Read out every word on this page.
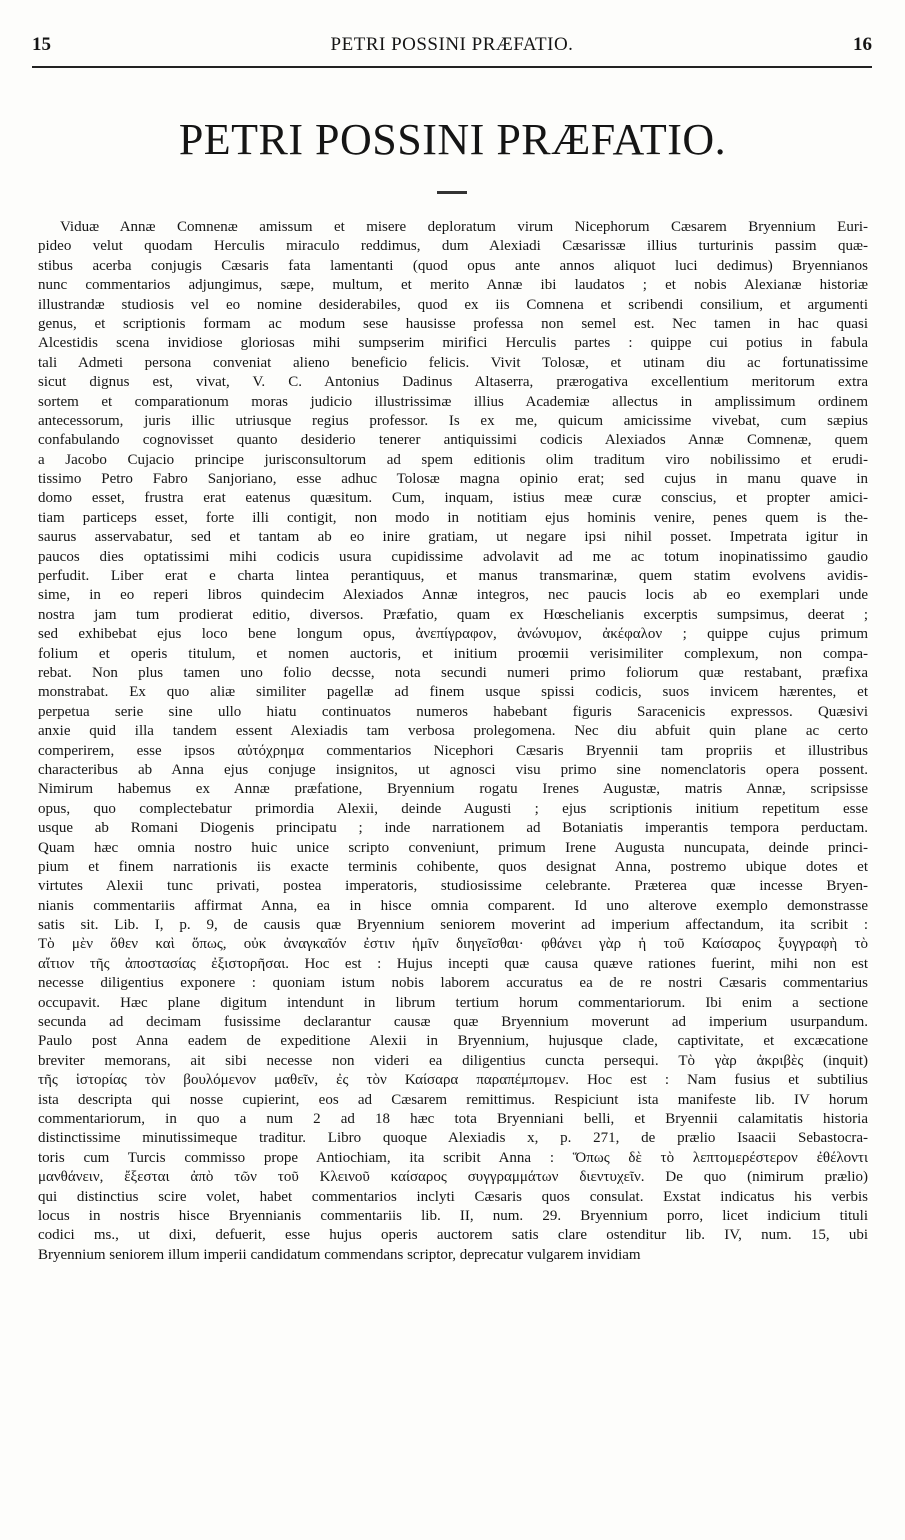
15	PETRI POSSINI PRÆFATIO.	16
PETRI POSSINI PRÆFATIO.
Viduæ Annæ Comnenæ amissum et misere deploratum virum Nicephorum Cæsarem Bryennium Euri-
pideo velut quodam Herculis miraculo reddimus, dum Alexiadi Cæsarissæ illius turturinis passim quæ-
stibus acerba conjugis Cæsaris fata lamentanti (quod opus ante annos aliquot luci dedimus) Bryennianos
nunc commentarios adjungimus, sæpe, multum, et merito Annæ ibi laudatos ; et nobis Alexianæ historiæ
illustrandæ studiosis vel eo nomine desiderabiles, quod ex iis Comnena et scribendi consilium, et argumenti
genus, et scriptionis formam ac modum sese hausisse professa non semel est. Nec tamen in hac quasi
Alcestidis scena invidiose gloriosas mihi sumpserim mirifici Herculis partes : quippe cui potius in fabula
tali Admeti persona conveniat alieno beneficio felicis. Vivit Tolosæ, et utinam diu ac fortunatissime
sicut dignus est, vivat, V. C. Antonius Dadinus Altaserra, prærogativa excellentium meritorum extra
sortem et comparationum moras judicio illustrissimæ illius Academiæ allectus in amplissimum ordinem
antecessorum, juris illic utriusque regius professor. Is ex me, quicum amicissime vivebat, cum sæpius
confabulando cognovisset quanto desiderio tenerer antiquissimi codicis Alexiados Annæ Comnenæ, quem
a Jacobo Cujacio principe jurisconsultorum ad spem editionis olim traditum viro nobilissimo et erudi-
tissimo Petro Fabro Sanjoriano, esse adhuc Tolosæ magna opinio erat; sed cujus in manu quave in
domo esset, frustra erat eatenus quæsitum. Cum, inquam, istius meæ curæ conscius, et propter amici-
tiam particeps esset, forte illi contigit, non modo in notitiam ejus hominis venire, penes quem is the-
saurus asservabatur, sed et tantam ab eo inire gratiam, ut negare ipsi nihil posset. Impetrata igitur in
paucos dies optatissimi mihi codicis usura cupidissime advolavit ad me ac totum inopinatissimo gaudio
perfudit. Liber erat e charta lintea perantiquus, et manus transmarinæ, quem statim evolvens avidis-
sime, in eo reperi libros quindecim Alexiados Annæ integros, nec paucis locis ab eo exemplari unde
nostra jam tum prodierat editio, diversos. Præfatio, quam ex Hœschelianis excerptis sumpsimus, deerat ;
sed exhibebat ejus loco bene longum opus, ἀνεπίγραφον, ἀνώνυμον, ἀκέφαλον ; quippe cujus primum
folium et operis titulum, et nomen auctoris, et initium proœmii verisimiliter complexum, non compa-
rebat. Non plus tamen uno folio decsse, nota secundi numeri primo foliorum quæ restabant, præfixa
monstrabat. Ex quo aliæ similiter pagellæ ad finem usque spissi codicis, suos invicem hærentes, et
perpetua serie sine ullo hiatu continuatos numeros habebant figuris Saracenicis expressos. Quæsivi
anxie quid illa tandem essent Alexiadis tam verbosa prolegomena. Nec diu abfuit quin plane ac certo
comperirem, esse ipsos αὐτόχρημα commentarios Nicephori Cæsaris Bryennii tam propriis et illustribus
characteribus ab Anna ejus conjuge insignitos, ut agnosci visu primo sine nomenclatoris opera possent.
Nimirum habemus ex Annæ præfatione, Bryennium rogatu Irenes Augustæ, matris Annæ, scripsisse
opus, quo complectebatur primordia Alexii, deinde Augusti ; ejus scriptionis initium repetitum esse
usque ab Romani Diogenis principatu ; inde narrationem ad Botaniatis imperantis tempora perductam.
Quam hæc omnia nostro huic unice scripto conveniunt, primum Irene Augusta nuncupata, deinde princi-
pium et finem narrationis iis exacte terminis cohibente, quos designat Anna, postremo ubique dotes et
virtutes Alexii tunc privati, postea imperatoris, studiosissime celebrante. Præterea quæ incesse Bryen-
nianis commentariis affirmat Anna, ea in hisce omnia comparent. Id uno alterove exemplo demonstrasse
satis sit. Lib. I, p. 9, de causis quæ Bryennium seniorem moverint ad imperium affectandum, ita scribit :
Τὸ μὲν ὅθεν καὶ ὅπως, οὐκ ἀναγκαῖόν ἐστιν ἡμῖν διηγεῖσθαι· φθάνει γὰρ ἡ τοῦ Καίσαρος ξυγγραφὴ τὸ
αἴτιον τῆς ἀποστασίας ἐξιστορῆσαι. Hoc est : Hujus incepti quæ causa quæve rationes fuerint, mihi non est
necesse diligentius exponere : quoniam istum nobis laborem accuratus ea de re nostri Cæsaris commentarius
occupavit. Hæc plane digitum intendunt in librum tertium horum commentariorum. Ibi enim a sectione
secunda ad decimam fusissime declarantur causæ quæ Bryennium moverunt ad imperium usurpandum.
Paulo post Anna eadem de expeditione Alexii in Bryennium, hujusque clade, captivitate, et excæcatione
breviter memorans, ait sibi necesse non videri ea diligentius cuncta persequi. Τὸ γὰρ ἀκριβὲς (inquit)
τῆς ἱστορίας τὸν βουλόμενον μαθεῖν, ἐς τὸν Καίσαρα παραπέμπομεν. Hoc est : Nam fusius et subtilius
ista descripta qui nosse cupierint, eos ad Cæsarem remittimus. Respiciunt ista manifeste lib. IV horum
commentariorum, in quo a num 2 ad 18 hæc tota Bryenniani belli, et Bryennii calamitatis historia
distinctissime minutissimeque traditur. Libro quoque Alexiadis x, p. 271, de prælio Isaacii Sebastocra-
toris cum Turcis commisso prope Antiochiam, ita scribit Anna : Ὅπως δὲ τὸ λεπτομερέστερον ἐθέλοντι
μανθάνειν, ἔξεσται ἀπὸ τῶν τοῦ Κλεινοῦ καίσαρος συγγραμμάτων διεντυχεῖν. De quo (nimirum prælio)
qui distinctius scire volet, habet commentarios inclyti Cæsaris quos consulat. Exstat indicatus his verbis
locus in nostris hisce Bryennianis commentariis lib. II, num. 29. Bryennium porro, licet indicium tituli
codici ms., ut dixi, defuerit, esse hujus operis auctorem satis clare ostenditur lib. IV, num. 15, ubi
Bryennium seniorem illum imperii candidatum commendans scriptor, deprecatur vulgarem invidiam
